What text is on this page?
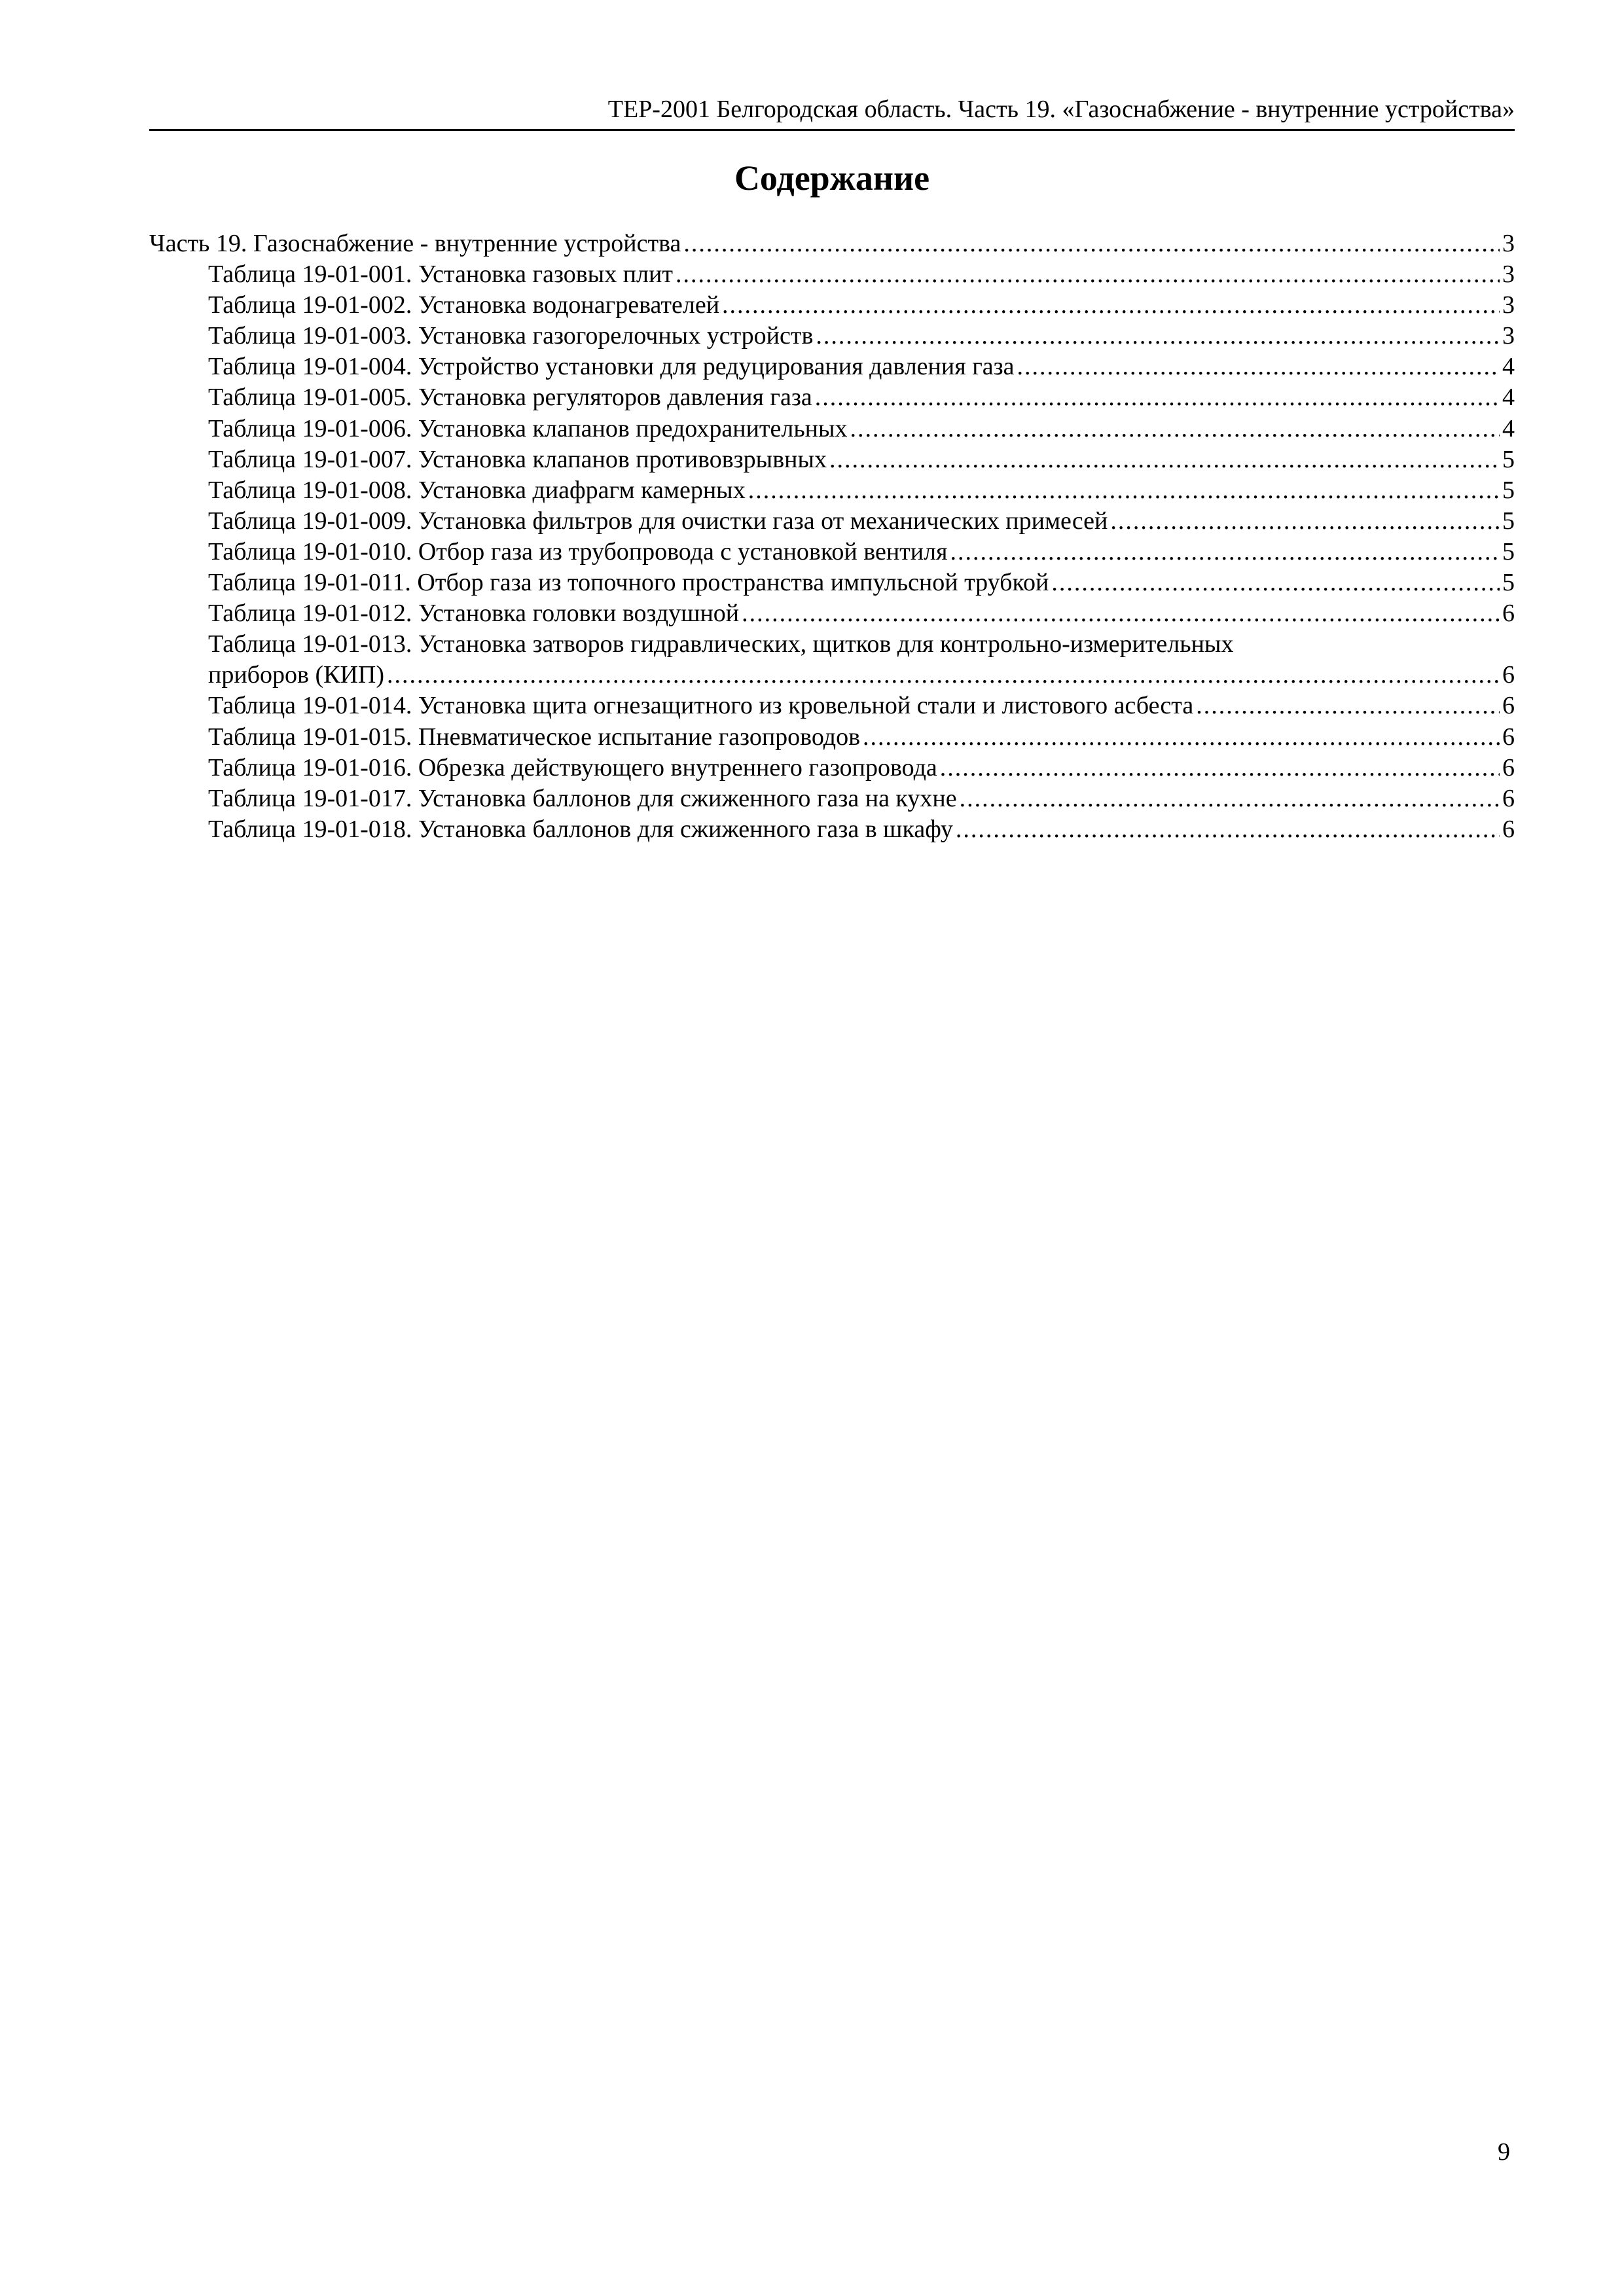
ТЕР-2001 Белгородская область. Часть 19. «Газоснабжение - внутренние устройства»
Содержание
Часть 19. Газоснабжение - внутренние устройства .....	3
Таблица 19-01-001. Установка газовых плит .....	3
Таблица 19-01-002. Установка водонагревателей .....	3
Таблица 19-01-003. Установка газогорелочных устройств .....	3
Таблица 19-01-004. Устройство установки для редуцирования давления газа .....	4
Таблица 19-01-005. Установка регуляторов давления газа .....	4
Таблица 19-01-006. Установка клапанов предохранительных .....	4
Таблица 19-01-007. Установка клапанов противовзрывных .....	5
Таблица 19-01-008. Установка диафрагм камерных .....	5
Таблица 19-01-009. Установка фильтров для очистки газа от механических примесей .....	5
Таблица 19-01-010. Отбор газа из трубопровода с установкой вентиля .....	5
Таблица 19-01-011. Отбор газа из топочного пространства импульсной трубкой .....	5
Таблица 19-01-012. Установка головки воздушной .....	6
Таблица 19-01-013. Установка затворов гидравлических, щитков для контрольно-измерительных
приборов (КИП) .....	6
Таблица 19-01-014. Установка щита огнезащитного из кровельной стали и листового асбеста .....	6
Таблица 19-01-015. Пневматическое испытание газопроводов .....	6
Таблица 19-01-016. Обрезка действующего внутреннего газопровода .....	6
Таблица 19-01-017. Установка баллонов для сжиженного газа на кухне .....	6
Таблица 19-01-018. Установка баллонов для сжиженного газа в шкафу .....	6
9
